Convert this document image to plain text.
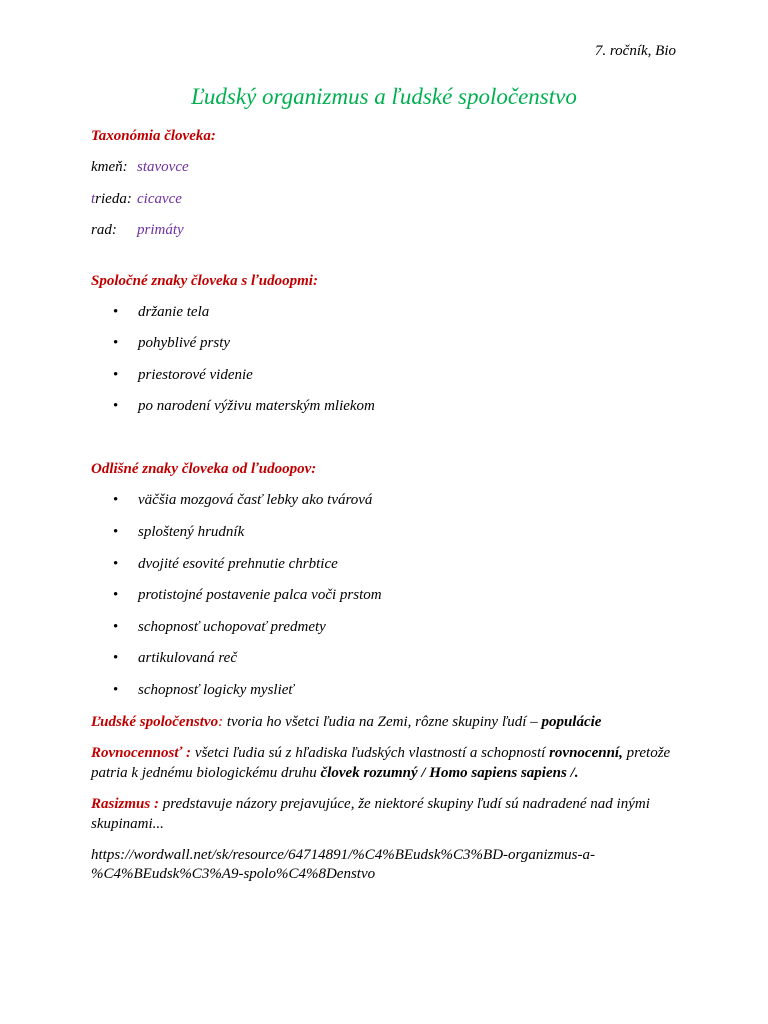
7. ročník, Bio
Ľudský organizmus a ľudské spoločenstvo
Taxonómia človeka:
kmeň: stavovce
trieda: cicavce
rad: primáty
Spoločné znaky človeka s ľudoopmi:
• držanie tela
• pohyblivé prsty
• priestorové videnie
• po narodení výživu materským mliekom
Odlišné znaky človeka od ľudoopov:
• väčšia mozgová časť lebky ako tvárová
• sploštený hrudník
• dvojité esovité prehnutie chrbtice
• protistojné postavenie palca voči prstom
• schopnosť uchopovať predmety
• artikulovaná reč
• schopnosť logicky myslieť
Ľudské spoločenstvo: tvoria ho všetci ľudia na Zemi, rôzne skupiny ľudí – populácie
Rovnocennosť : všetci ľudia sú z hľadiska ľudských vlastností a schopností rovnocenní, pretože patria k jednému biologickému druhu človek rozumný / Homo sapiens sapiens /.
Rasizmus : predstavuje názory prejavujúce, že niektoré skupiny ľudí sú nadradené nad inými skupinami...
https://wordwall.net/sk/resource/64714891/%C4%BEudsk%C3%BD-organizmus-a-
%C4%BEudsk%C3%A9-spolo%C4%8Denstvo
